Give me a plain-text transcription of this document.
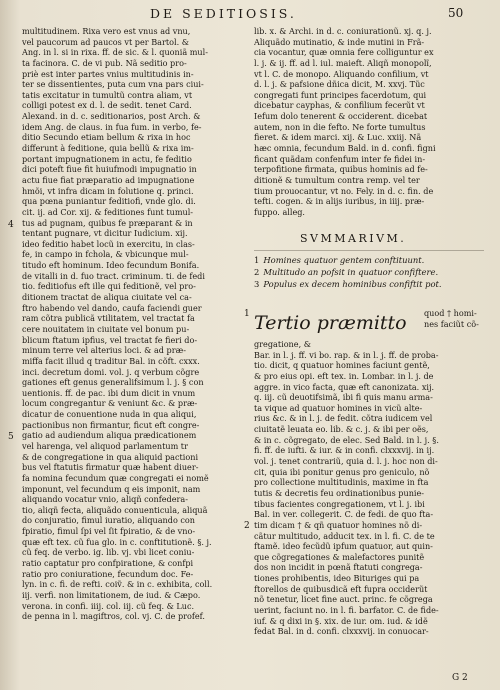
DE SEDITIOSIS.	50
multitudinem. Rixa vero est vnus ad vnu,
vel paucorum ad paucos vt per Bartol. &
Ang. in l. si in rixa. ff. de sic. & l. quoniã mul-
ta facinora. C. de vi pub. Nã seditio pro-
priè est inter partes vnius multitudinis in-
ter se dissentientes, puta cum vna pars ciui-
tatis excitatur in tumultũ contra aliam, vt
colligi potest ex d. l. de sedit. tenet Card.
Alexand. in d. c. seditionarios, post Arch. &
idem Ang. de claus. in fua fum. in verbo, fe-
ditio Secundo etiam bellum & rixa in hoc
differunt à feditione, quia bellũ & rixa im-
portant impugnationem in actu, fe feditio
dici poteft fiue fit huiufmodi impugnatio in
actu fiue fiat præparatio ad impugnatione
hmõi, vt infra dicam in folutione q. princi.
qua pœna puniantur feditiofi, vnde glo. di.
cit. ij. ad Cor. xij. & feditiones funt tumul-
tus ad pugnam, quibus fe præparant & in
tentant pugnare, vt dicitur Iudicium. xij.
ideo feditio habet locũ in exercitu, in clas-
fe, in campo in fchola, & vbicunque mul-
titudo eft hominum. Ideo fecundum Bonifa.
de vitalli in d. fuo tract. criminum. ti. de fedi
tio. feditiofus eft ille qui feditionẽ, vel pro-
ditionem tractat de aliqua ciuitate vel ca-
ftro habendo vel dando, caufa faciendi guer
ram cõtra publicã vtilitatem, vel tractat fa
cere nouitatem in ciuitate vel bonum pu-
blicum ftatum ipfius, vel tractat fe fieri do-
minum terre vel alterius loci. & ad præ-
miffa facit illud q traditur Bal. in cõft. cxxx.
inci. decretum domi. vol. j. q verbum cõgre
gationes eft genus generalifsimum l. j. § con
uentionis. ff. de pac. ibi dum dicit in vnum
locum congregantur & veniunt &c. & præ-
dicatur de conuentione nuda in qua aliqui,
pactionibus non firmantur, ficut eft congre-
gatio ad audiendum aliqua prædicationem
vel harenga, vel aliquod parlamentum tr
& de congregatione in qua aliquid pactioni
bus vel ftatutis firmatur quæ habent diuer-
fa nomina fecundum quæ congregati ei nomẽ
imponunt, vel fecundum q eis imponit, nam
aliquando vocatur vnio, aliqñ confedera-
tio, aliqñ fecta, aliquãdo conuenticula, aliquã
do conjuratio, fimul iuratio, aliquando con
fpiratio, fimul ſpi vel ſit fpiratio, & de vno-
quæ eft tex. cũ fua glo. in c. conftitutionẽ. §. j.
cũ feq. de verbo. ig. lib. vj. vbi licet coniu-
ratio captatur pro confpiratione, & confpi
ratio pro coniuratione, fecundum doc. Fe-
lyn. in c. fi. de refti. coiṽ. & in c. exhibita, coll.
iij. verfi. non limitationem, de iud. & Cæpo.
verona. in confi. iiij. col. iij. cũ feq. & Luc.
de penna in l. magiftros, col. vj. C. de profef.
lib. x. & Archi. in d. c. coniurationũ. xj. q. j.
Aliquãdo mutinatio, & inde mutini in Frã-
cia vocantur, quæ omnia fere colliguntur ex
l. j. & ij. ff. ad l. iul. maieft. Aliqñ monopolĩ,
vt l. C. de monopo. Aliquando confilium, vt
d. l. j. & pafsione dñica dicit, M. xxvj. Tũc
congregati funt principes facerdotum, qui
dicebatur cayphas, & confilium fecerũt vt
Iefum dolo tenerent & occiderent. dicebat
autem, non in die fefto. Ne forte tumultus
fieret. & idem marci. xij. & Luc. xxiij. Nã
hæc omnia, fecundum Bald. in d. confi. figni
ficant quãdam confenfum inter fe fidei in-
terpofitione firmata, quibus hominis ad fe-
ditionẽ & tumultum contra remp. vel ter
tium prouocantur, vt no. Fely. in d. c. fin. de
tefti. cogen. & in alijs iuribus, in iiij. præ-
fuppo. alleg.
SVMMARIVM.
1 Homines quatuor gentem conftituunt.
2 Multitudo an pofsit in quatuor confiftere.
3 Populus ex decem hominibus confiftit pot.
Tertio præmitto quod † homi-
nes faciũt cõ-
gregatione, &
Bar. in l. j. ff. vi bo. rap. & in l. j. ff. de proba-
tio. dicit, q quatuor homines faciunt gentẽ,
& pro eius opi. eft tex. in. Lombar. in l. j. de
aggre. in vico facta, quæ eft canonizata. xij.
q. iij. cũ deuotifsimã, ibi fi quis manu arma-
ta vique ad quatuor homines in vicũ alte-
rius &c. & in l. j. de fedit. cõtra iudicem vel
ciuitatẽ leuata eo. lib. & c. j. & ibi per oẽs,
& in c. cõgregato, de elec. Sed Bald. in l. j. §.
fi. ff. de iufti. & iur. & in confi. clxxxvij. in ij.
vol. j. tenet contrariũ, quia d. l. j. hoc non di-
cit, quia ibi ponitur genus pro geniculo, nõ
pro collectione multitudinis, maxime in fta
tutis & decretis feu ordinationibus punie-
tibus facientes congregationem, vt l. j. ibi
Bal. in ver. collegerit. C. de fedi. de quo fta-
tim dicam † & qñ quatuor homines nõ di-
cãtur multitudo, adducit tex. in l. fi. C. de te
ftamẽ. ideo fecũdũ ipfum quatuor, aut quin-
que cõgregationes & malefactores punitẽ
dos non incidit in pœnã ftatuti congrega-
tiones prohibentis, ideo Bituriges qui pa
ftorellos de quibusdicã eft fupra occiderũt
nõ tenetur, licet fine auct. princ. fe cõgrega
uerint, faciunt no. in l. fi. barfator. C. de fide-
iuf. & q dixi in §. xix. de iur. om. iud. & idẽ
fedat Bal. in d. confi. clxxxvij. in conuocar-
4
5
1
2
G 2
